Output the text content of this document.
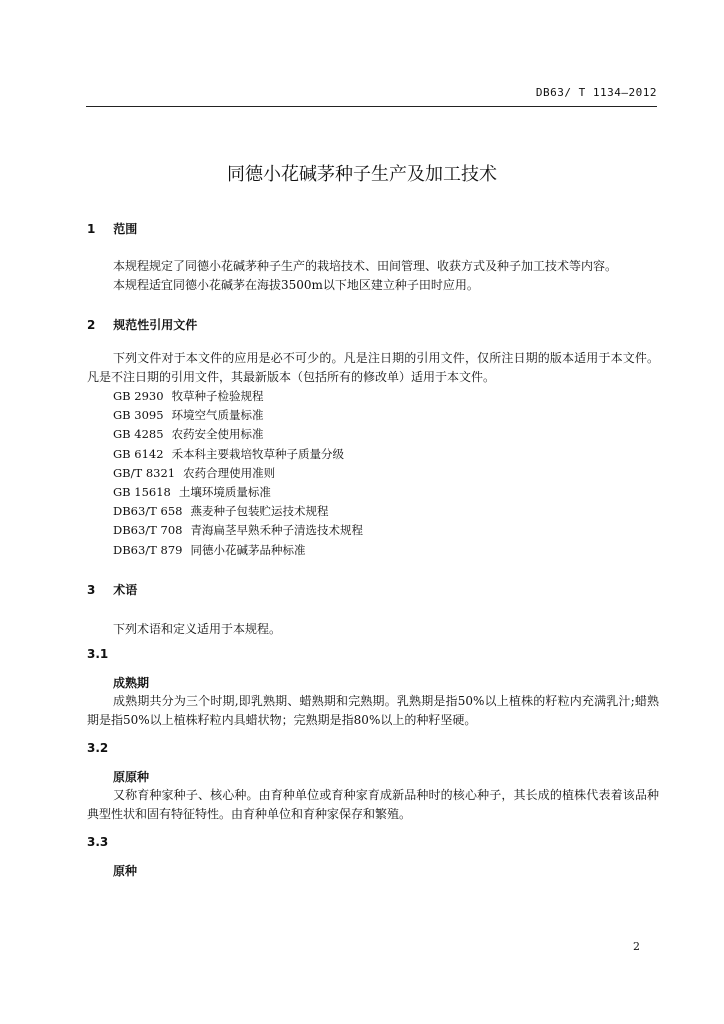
DB63/ T 1134—2012
同德小花碱茅种子生产及加工技术
1 范围
本规程规定了同德小花碱茅种子生产的栽培技术、田间管理、收获方式及种子加工技术等内容。
本规程适宜同德小花碱茅在海拔3500m以下地区建立种子田时应用。
2 规范性引用文件
下列文件对于本文件的应用是必不可少的。凡是注日期的引用文件，仅所注日期的版本适用于本文件。凡是不注日期的引用文件，其最新版本（包括所有的修改单）适用于本文件。
GB 2930 牧草种子检验规程
GB 3095 环境空气质量标准
GB 4285 农药安全使用标准
GB 6142 禾本科主要栽培牧草种子质量分级
GB/T 8321 农药合理使用准则
GB 15618 土壤环境质量标准
DB63/T 658 燕麦种子包装贮运技术规程
DB63/T 708 青海扁茎早熟禾种子清选技术规程
DB63/T 879 同德小花碱茅品种标准
3 术语
下列术语和定义适用于本规程。
3.1
成熟期
成熟期共分为三个时期,即乳熟期、蜡熟期和完熟期。乳熟期是指50%以上植株的籽粒内充满乳汁;蜡熟期是指50%以上植株籽粒内具蜡状物；完熟期是指80%以上的种籽坚硬。
3.2
原原种
又称育种家种子、核心种。由育种单位或育种家育成新品种时的核心种子，其长成的植株代表着该品种典型性状和固有特征特性。由育种单位和育种家保存和繁殖。
3.3
原种
2
